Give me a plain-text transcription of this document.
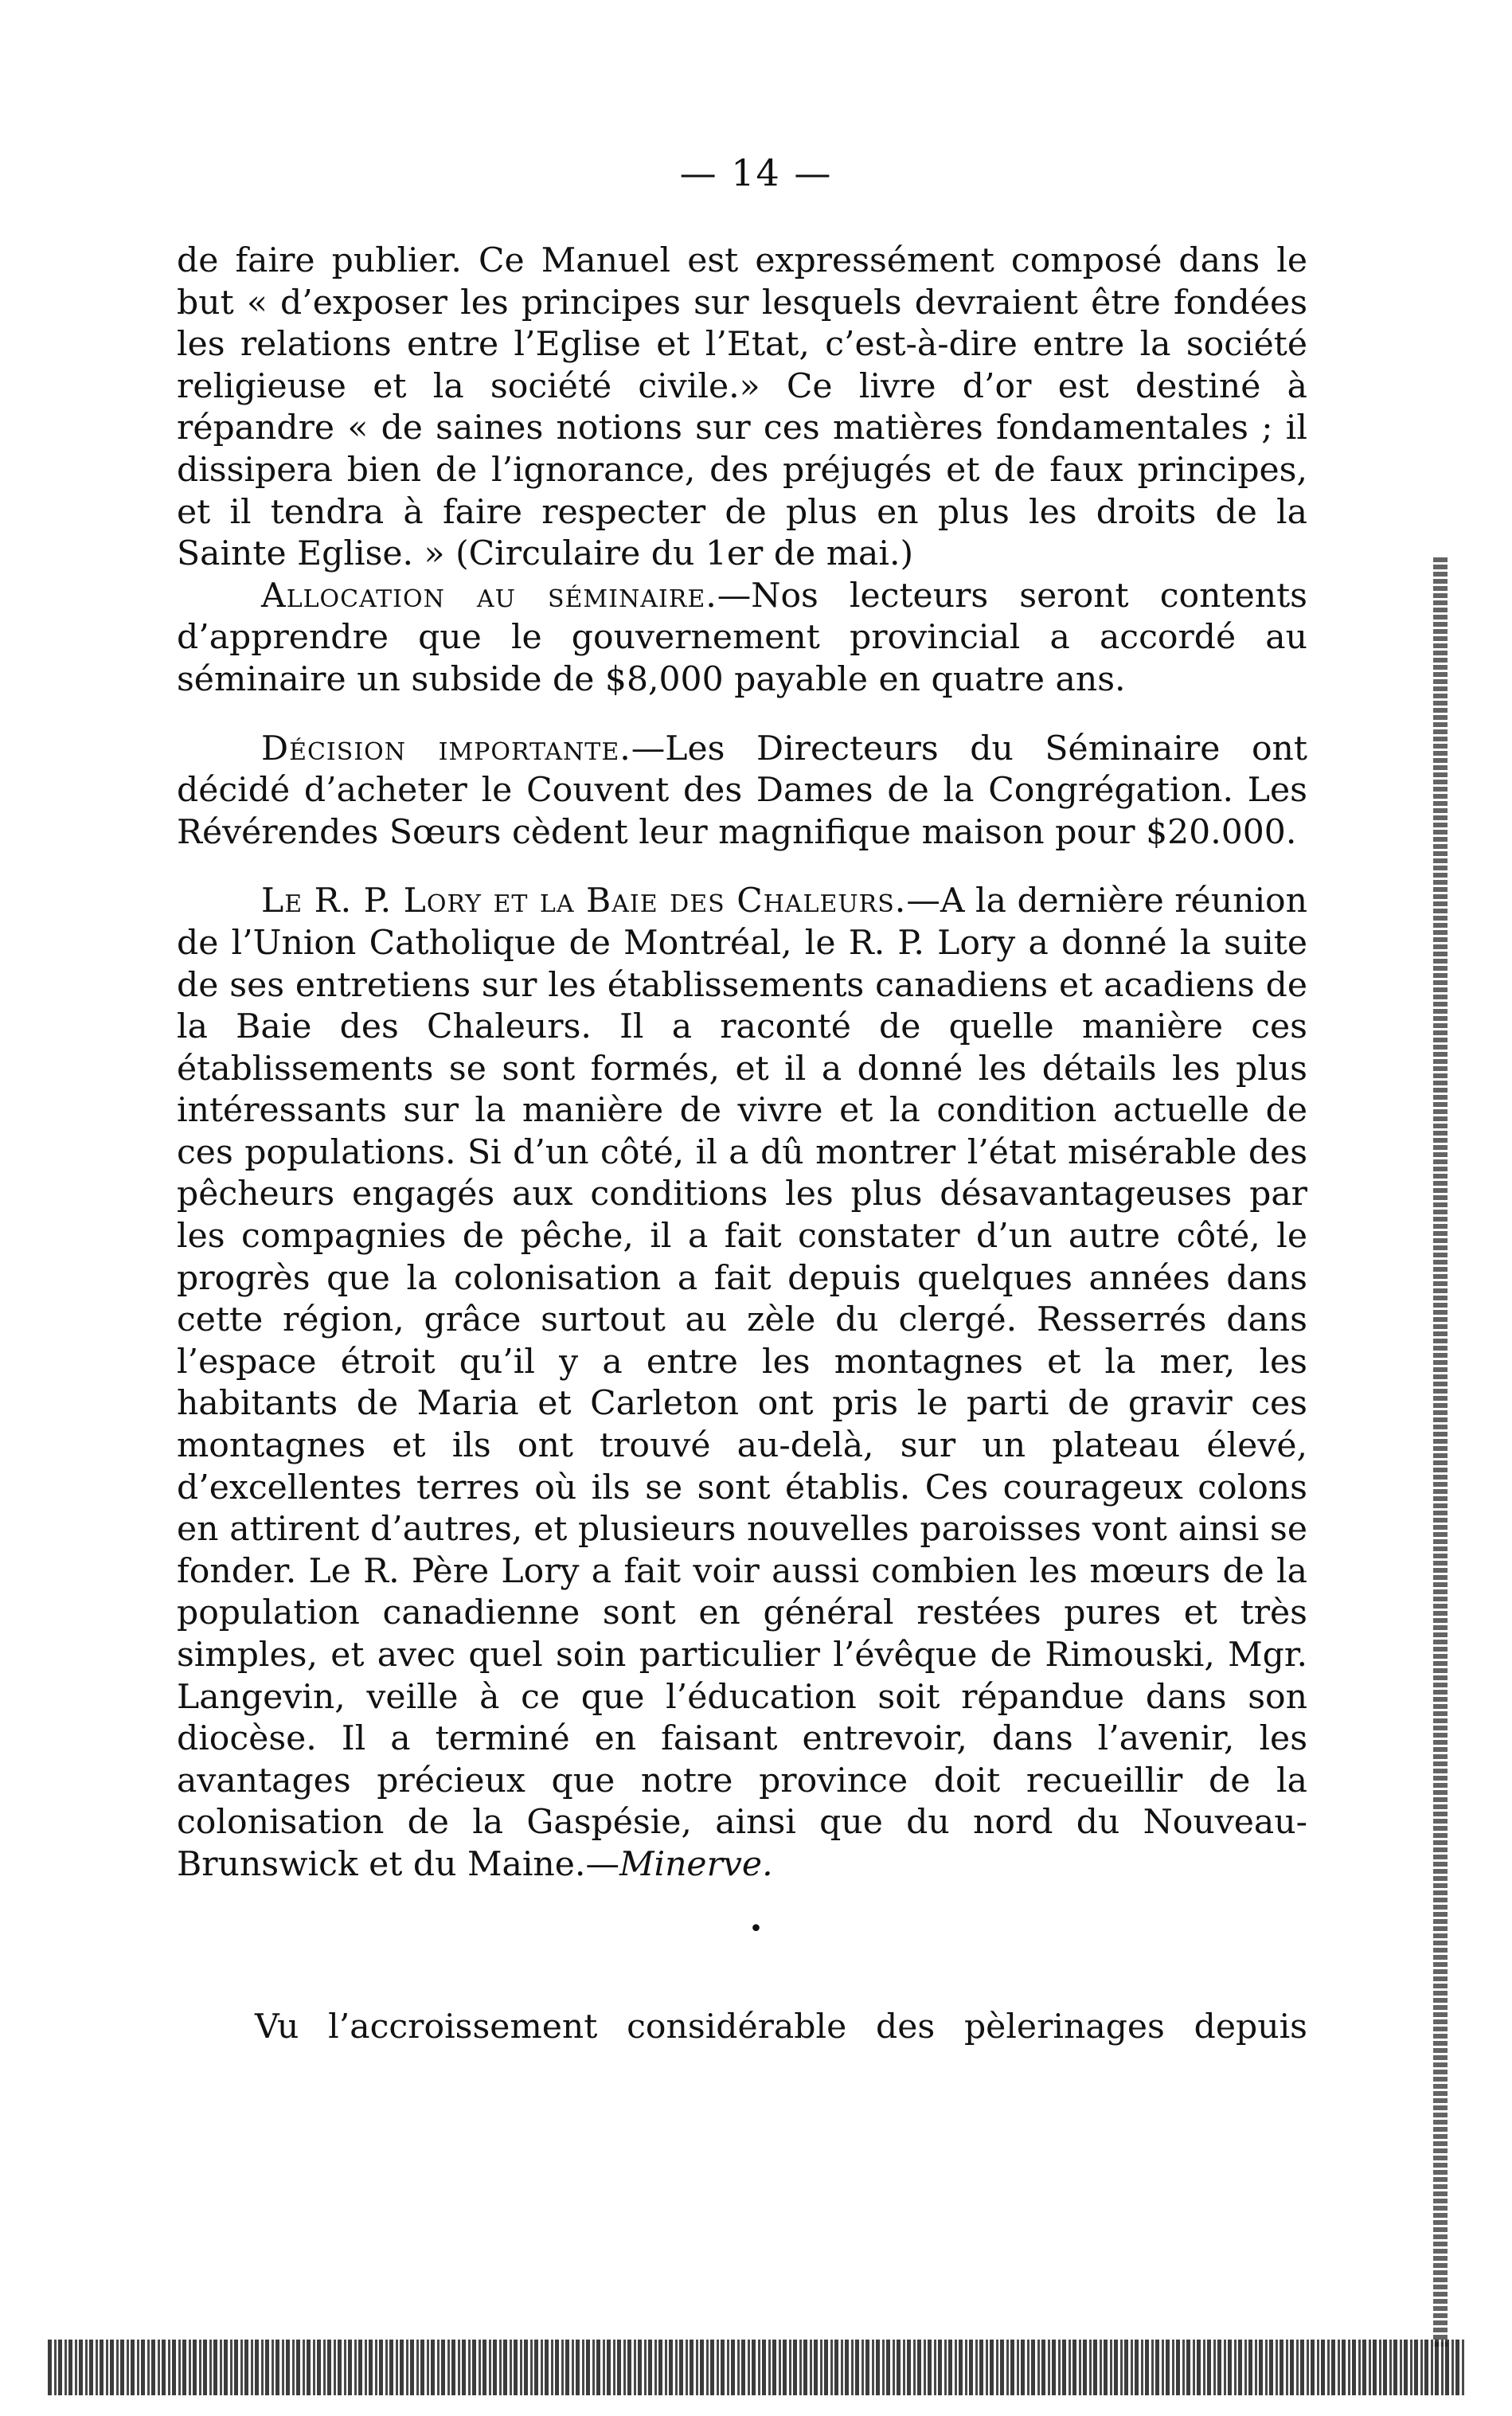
— 14 —

de faire publier. Ce Manuel est expressément composé dans le but « d’exposer les principes sur lesquels devraient être fondées les relations entre l’Eglise et l’Etat, c’est-à-dire entre la société religieuse et la société civile.» Ce livre d’or est destiné à répandre « de saines notions sur ces matières fondamentales ; il dissipera bien de l’ignorance, des préjugés et de faux principes, et il tendra à faire respecter de plus en plus les droits de la Sainte Eglise. » (Circulaire du 1er de mai.)

Allocation au séminaire.—Nos lecteurs seront contents d’apprendre que le gouvernement provincial a accordé au séminaire un subside de $8,000 payable en quatre ans.

Décision importante.—Les Directeurs du Séminaire ont décidé d’acheter le Couvent des Dames de la Congrégation. Les Révérendes Sœurs cèdent leur magnifique maison pour $20.000.

Le R. P. Lory et la Baie des Chaleurs.—A la dernière réunion de l’Union Catholique de Montréal, le R. P. Lory a donné la suite de ses entretiens sur les établissements canadiens et acadiens de la Baie des Chaleurs. Il a raconté de quelle manière ces établissements se sont formés, et il a donné les détails les plus intéressants sur la manière de vivre et la condition actuelle de ces populations. Si d’un côté, il a dû montrer l’état misérable des pêcheurs engagés aux conditions les plus désavantageuses par les compagnies de pêche, il a fait constater d’un autre côté, le progrès que la colonisation a fait depuis quelques années dans cette région, grâce surtout au zèle du clergé. Resserrés dans l’espace étroit qu’il y a entre les montagnes et la mer, les habitants de Maria et Carleton ont pris le parti de gravir ces montagnes et ils ont trouvé au-delà, sur un plateau élevé, d’excellentes terres où ils se sont établis. Ces courageux colons en attirent d’autres, et plusieurs nouvelles paroisses vont ainsi se fonder. Le R. Père Lory a fait voir aussi combien les mœurs de la population canadienne sont en général restées pures et très simples, et avec quel soin particulier l’évêque de Rimouski, Mgr. Langevin, veille à ce que l’éducation soit répandue dans son diocèse. Il a terminé en faisant entrevoir, dans l’avenir, les avantages précieux que notre province doit recueillir de la colonisation de la Gaspésie, ainsi que du nord du Nouveau-Brunswick et du Maine.—Minerve.

•
Vu l’accroissement considérable des pèlerinages depuis
